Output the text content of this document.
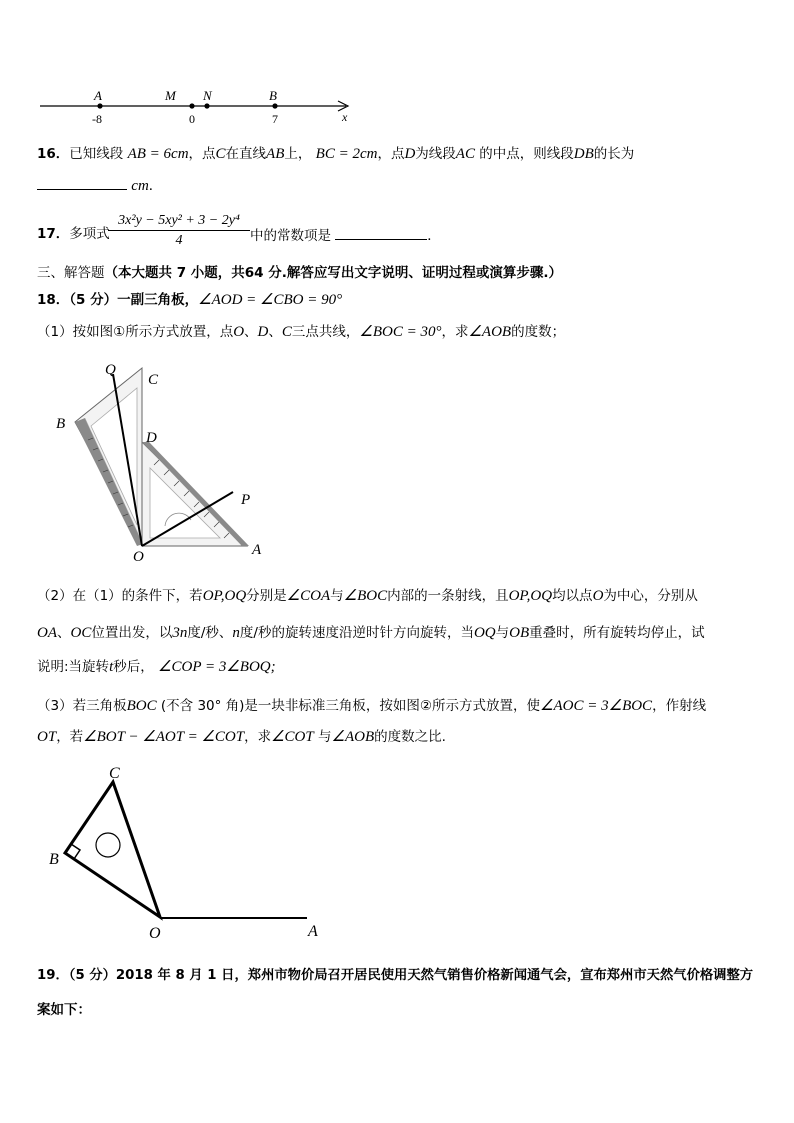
A	M N	B
-8	0	7	x
16．已知线段 AB = 6cm，点C在直线AB上， BC = 2cm，点D为线段AC 的中点，则线段DB的长为
cm．
17．多项式
3x²y − 5xy² + 3 − 2y⁴
4	中的常数项是	．
三、解答题（本大题共 7 小题，共64 分.解答应写出文字说明、证明过程或演算步骤.）
18．（5 分）一副三角板，∠AOD = ∠CBO = 90°
（1）按如图①所示方式放置，点O、D、C三点共线，∠BOC = 30°，求∠AOB的度数；
Q
C
B
D
P
O	A
（2）在（1）的条件下，若OP,OQ分别是∠COA与∠BOC内部的一条射线，且OP,OQ均以点O为中心，分别从
OA、OC位置出发，以3n度/秒、n度/秒的旋转速度沿逆时针方向旋转，当OQ与OB重叠时，所有旋转均停止，试
说明:当旋转t秒后， ∠COP = 3∠BOQ;
（3）若三角板BOC (不含 30° 角)是一块非标准三角板，按如图②所示方式放置，使∠AOC = 3∠BOC，作射线
OT，若∠BOT − ∠AOT = ∠COT，求∠COT 与∠AOB的度数之比.
C
B
O	A
19．（5 分）2018 年 8 月 1 日，郑州市物价局召开居民使用天然气销售价格新闻通气会，宣布郑州市天然气价格调整方
案如下：
